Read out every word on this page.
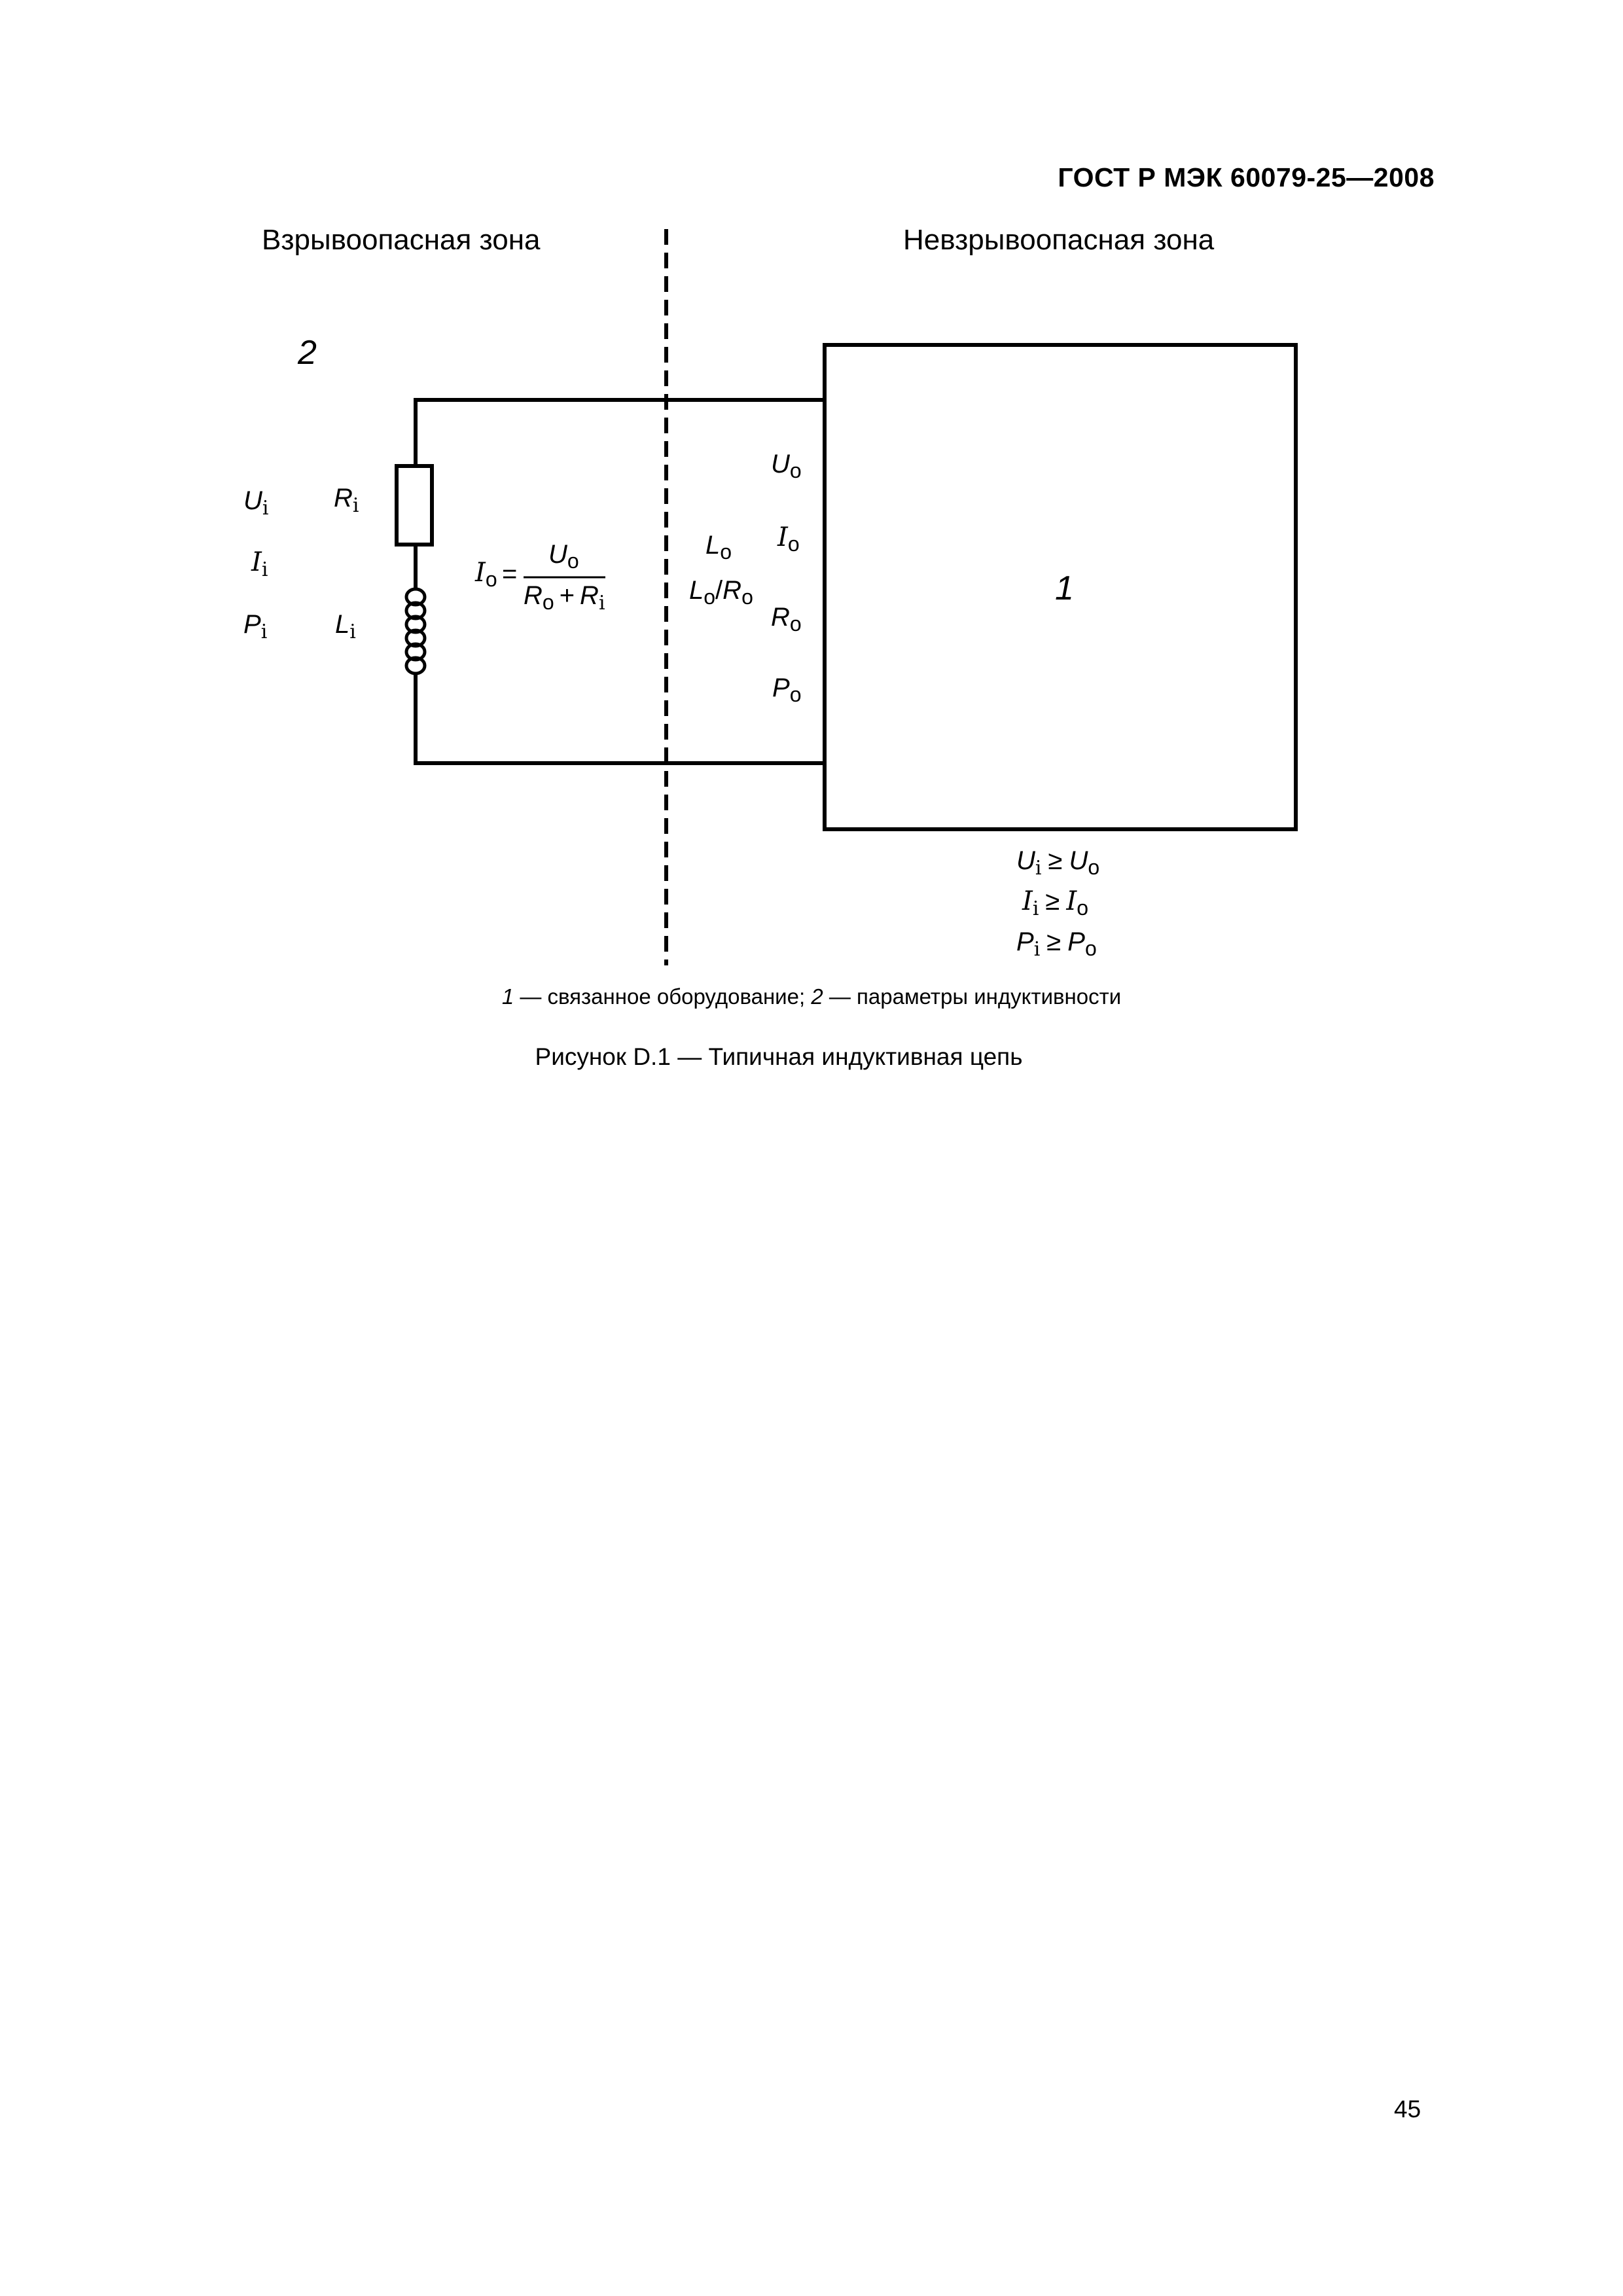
ГОСТ Р МЭК 60079-25—2008
Взрывоопасная зона	Невзрывоопасная зона
2
1
$U_i$
$I_i$
$P_i$
$R_i$
$L_i$
$I_o$ =
$U_o$
$R_o + R_i$
$L_o$
$L_o/R_o$
$U_o$
$I_o$
$R_o$
$P_o$
$U_i \ge U_o$
$I_i \ge I_o$
$P_i \ge P_o$
1 — связанное оборудование; 2 — параметры индуктивности
Рисунок D.1 — Типичная индуктивная цепь
45
